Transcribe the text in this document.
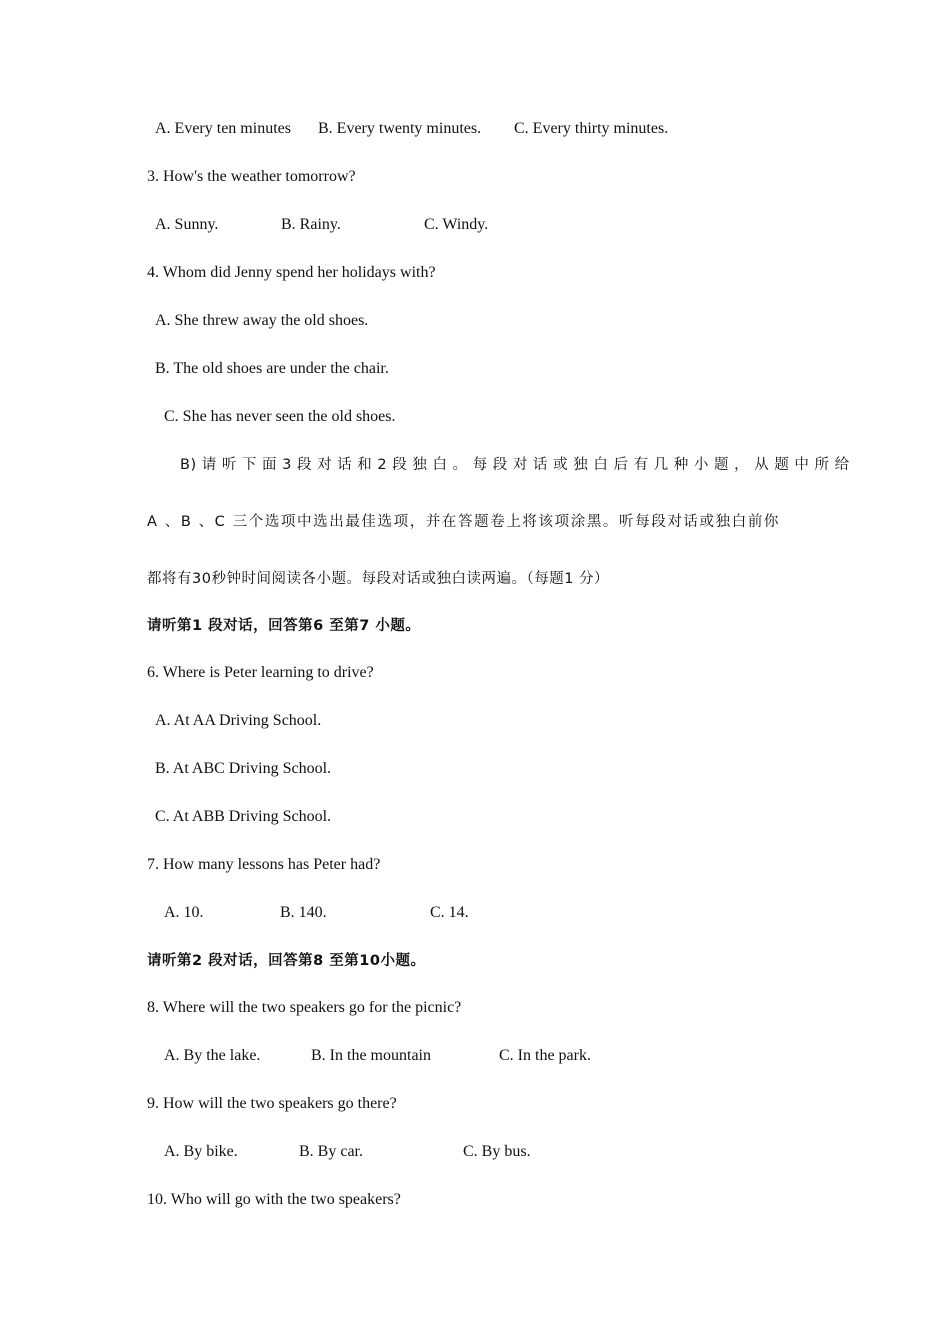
A. Every ten minutes B. Every twenty minutes. C. Every thirty minutes.
3. How's the weather tomorrow?
A. Sunny.	B. Rainy.	C. Windy.
4. Whom did Jenny spend her holidays with?
A. She threw away the old shoes.
B. The old shoes are under the chair.
C. She has never seen the old shoes.
B) 请 听 下 面 3 段 对 话 和 2 段 独 白 。 每 段 对 话 或 独 白 后 有 几 种 小 题 ， 从 题 中 所 给
A 、B 、C 三个选项中选出最佳选项，并在答题卷上将该项涂黑。听每段对话或独白前你
都将有30秒钟时间阅读各小题。每段对话或独白读两遍。（每题1 分）
请听第1 段对话，回答第6 至第7 小题。
6. Where is Peter learning to drive?
A. At AA Driving School.
B. At ABC Driving School.
C. At ABB Driving School.
7. How many lessons has Peter had?
A. 10.	B. 140.	C. 14.
请听第2 段对话，回答第8 至第10小题。
8. Where will the two speakers go for the picnic?
A. By the lake.	B. In the mountain	C. In the park.
9. How will the two speakers go there?
A. By bike.	B. By car.	C. By bus.
10. Who will go with the two speakers?
